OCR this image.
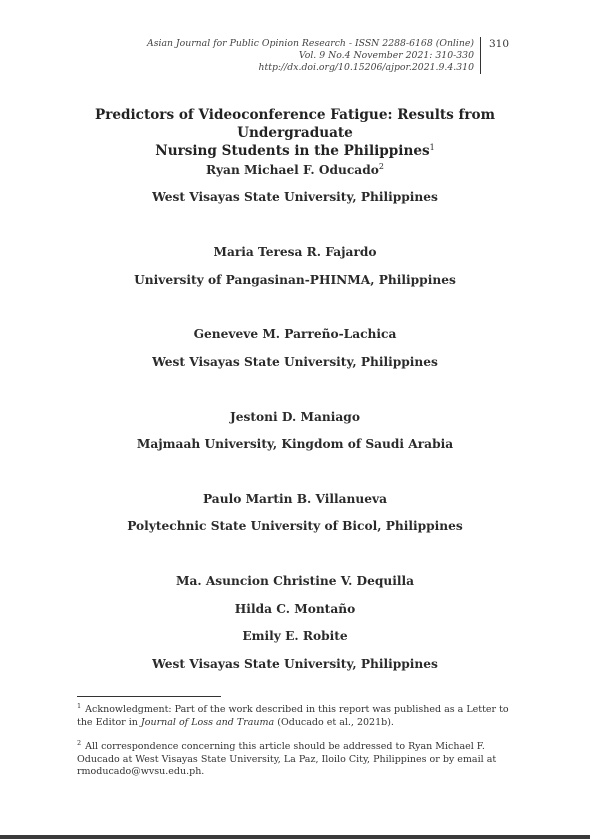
Asian Journal for Public Opinion Research - ISSN 2288-6168 (Online)
Vol. 9 No.4 November 2021: 310-330
http://dx.doi.org/10.15206/ajpor.2021.9.4.310
310
Predictors of Videoconference Fatigue: Results from Undergraduate
Nursing Students in the Philippines$^1$
Ryan Michael F. Oducado$^2$
West Visayas State University, Philippines
Maria Teresa R. Fajardo
University of Pangasinan-PHINMA, Philippines
Geneveve M. Parreño-Lachica
West Visayas State University, Philippines
Jestoni D. Maniago
Majmaah University, Kingdom of Saudi Arabia
Paulo Martin B. Villanueva
Polytechnic State University of Bicol, Philippines
Ma. Asuncion Christine V. Dequilla
Hilda C. Montaño
Emily E. Robite
West Visayas State University, Philippines
$^1$ Acknowledgment: Part of the work described in this report was published as a Letter to the Editor in Journal of Loss and Trauma (Oducado et al., 2021b).
$^2$ All correspondence concerning this article should be addressed to Ryan Michael F. Oducado at West Visayas State University, La Paz, Iloilo City, Philippines or by email at rmoducado@wvsu.edu.ph.
